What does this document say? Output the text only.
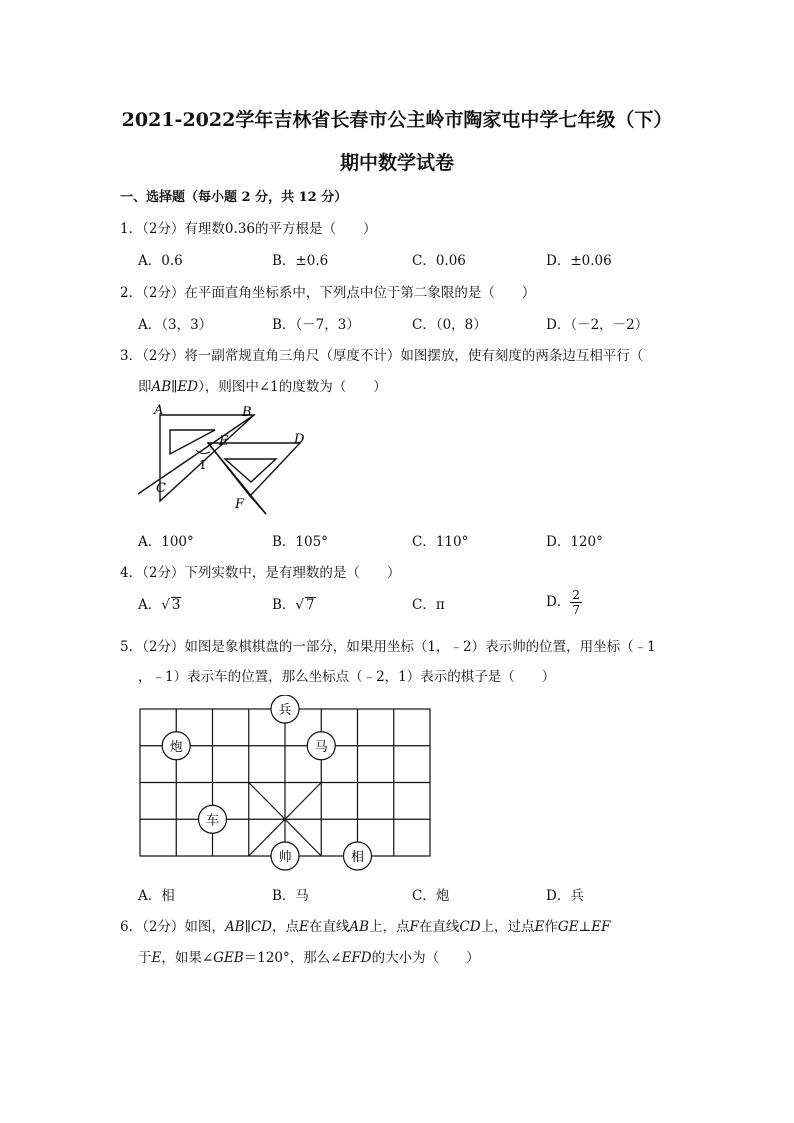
2021-2022学年吉林省长春市公主岭市陶家屯中学七年级（下）
期中数学试卷
一、选择题（每小题 2 分，共 12 分）
1．（2分）有理数0.36的平方根是（　　）
A．0.6	B．±0.6	C．0.06	D．±0.06
2．（2分）在平面直角坐标系中，下列点中位于第二象限的是（　　）
A．（3，3）	B．（－7，3）	C．（0，8）	D．（－2，－2）
3．（2分）将一副常规直角三角尺（厚度不计）如图摆放，使有刻度的两条边互相平行（
即AB∥ED），则图中∠1的度数为（　　）
A	B
C
D
E
F
1
A．100°	B．105°	C．110°	D．120°
4．（2分）下列实数中，是有理数的是（　　）
A．√ 3	B．√ 7	C．π	D． $\frac{2}{7}$
5．（2分）如图是象棋棋盘的一部分，如果用坐标（1，﹣2）表示帅的位置，用坐标（﹣1
，﹣1）表示车的位置，那么坐标点（﹣2，1）表示的棋子是（　　）
兵
炮	马
车
帅	相
A．相	B．马	C．炮	D．兵
6．（2分）如图，AB∥CD，点E在直线AB上，点F在直线CD上，过点E作GE⊥EF
于E，如果∠GEB＝120°，那么∠EFD的大小为（　　）
